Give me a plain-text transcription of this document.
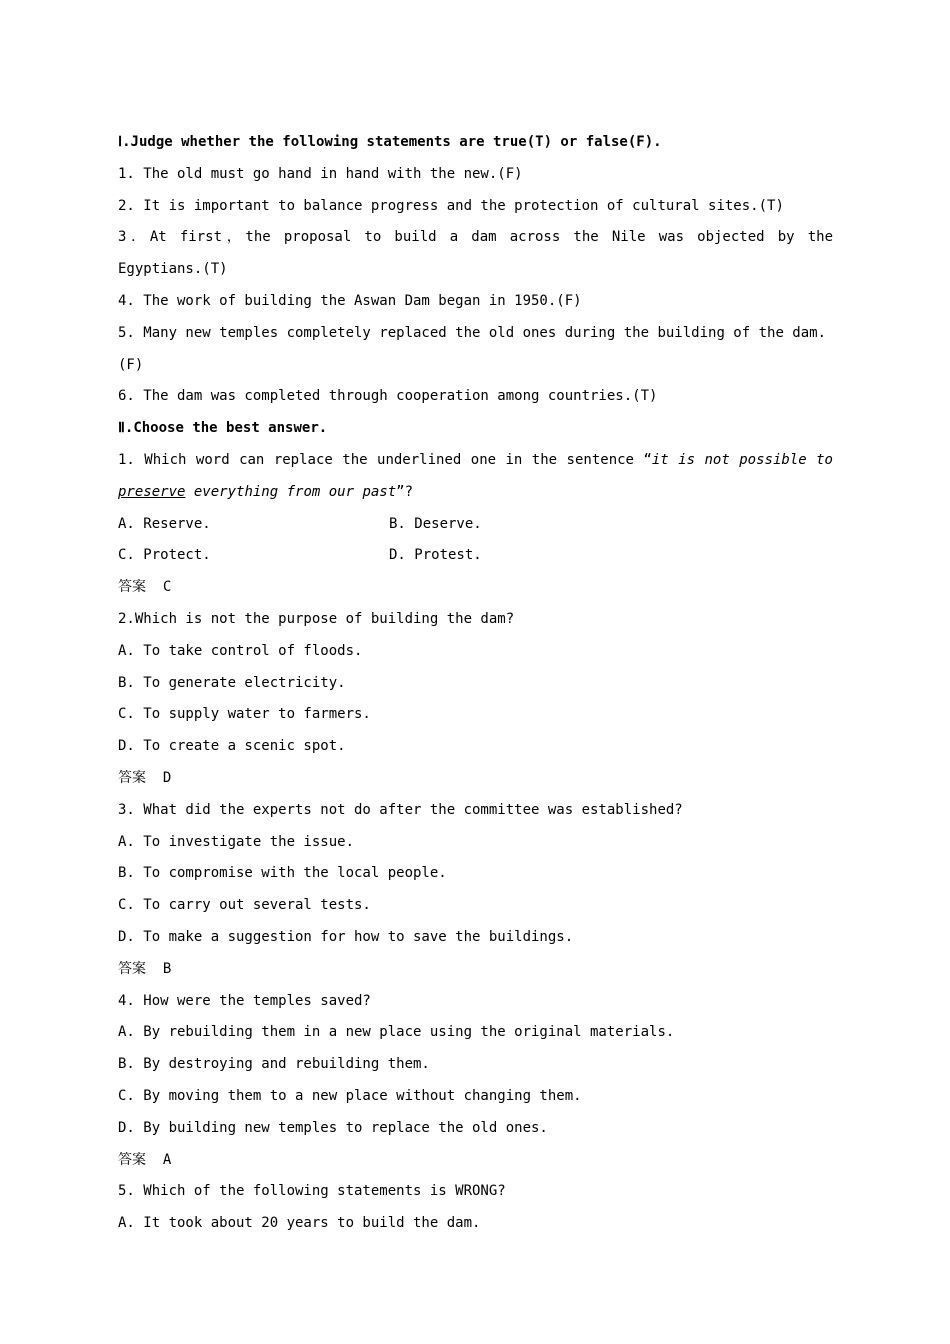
Ⅰ.Judge whether the following statements are true(T) or false(F).
1. The old must go hand in hand with the new.(F)
2. It is important to balance progress and the protection of cultural sites.(T)
3．At first，the proposal to build a dam across the Nile was objected by the
Egyptians.(T)
4. The work of building the Aswan Dam began in 1950.(F)
5. Many new temples completely replaced the old ones during the building of the dam.
(F)
6. The dam was completed through cooperation among countries.(T)
Ⅱ.Choose the best answer.
1. Which word can replace the underlined one in the sentence “it is not possible to
preserve everything from our past”?
A. Reserve.	B. Deserve.
C. Protect.	D. Protest.
答案  C
2.Which is not the purpose of building the dam?
A. To take control of floods.
B. To generate electricity.
C. To supply water to farmers.
D. To create a scenic spot.
答案  D
3. What did the experts not do after the committee was established?
A. To investigate the issue.
B. To compromise with the local people.
C. To carry out several tests.
D. To make a suggestion for how to save the buildings.
答案  B
4. How were the temples saved?
A. By rebuilding them in a new place using the original materials.
B. By destroying and rebuilding them.
C. By moving them to a new place without changing them.
D. By building new temples to replace the old ones.
答案  A
5. Which of the following statements is WRONG?
A. It took about 20 years to build the dam.
